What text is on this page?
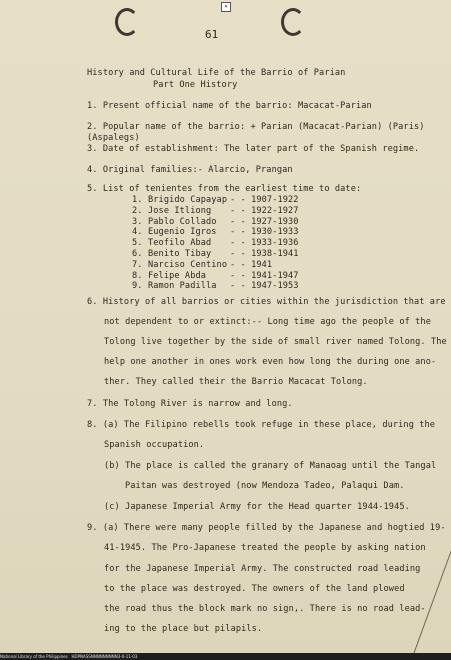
×
61
History and Cultural Life of the Barrio of Parian
Part One History
1. Present official name of the barrio: Macacat-Parian
2. Popular name of the barrio: + Parian (Macacat-Parian) (Paris)
(Aspalegs)
3. Date of establishment: The later part of the Spanish regime.
4. Original families:- Alarcio, Prangan
5. List of tenientes from the earliest time to date:
1. Brigido Capayap - - 1907-1922
2. Jose Itliong - - 1922-1927
3. Pablo Collado - - 1927-1930
4. Eugenio Igros - - 1930-1933
5. Teofilo Abad - - 1933-1936
6. Benito Tibay - - 1938-1941
7. Narciso Centino - - 1941
8. Felipe Abda	- - 1941-1947
9. Ramon Padilla - - 1947-1953
6. History of all barrios or cities within the jurisdiction that are
not dependent to or extinct:-- Long time ago the people of the
Tolong live together by the side of small river named Tolong. The
help one another in ones work even how long the during one ano-
ther. They called their the Barrio Macacat Tolong.
7. The Tolong River is narrow and long.
8. (a) The Filipino rebells took refuge in these place, during the
Spanish occupation.
(b) The place is called the granary of Manaoag until the Tangal
Paitan was destroyed (now Mendoza Tadeo, Palaqui Dam.
(c) Japanese Imperial Army for the Head quarter 1944-1945.
9. (a) There were many people filled by the Japanese and hogtied 19-
41-1945. The Pro-Japanese treated the people by asking nation
for the Japanese Imperial Army. The constructed road leading
to the place was destroyed. The owners of the land plowed
the road thus the block mark no sign,. There is no road lead-
ing to the place but pilapils.
National Library of the Philippines   HDPNASSNNNNNNNNN3-0-11-03
